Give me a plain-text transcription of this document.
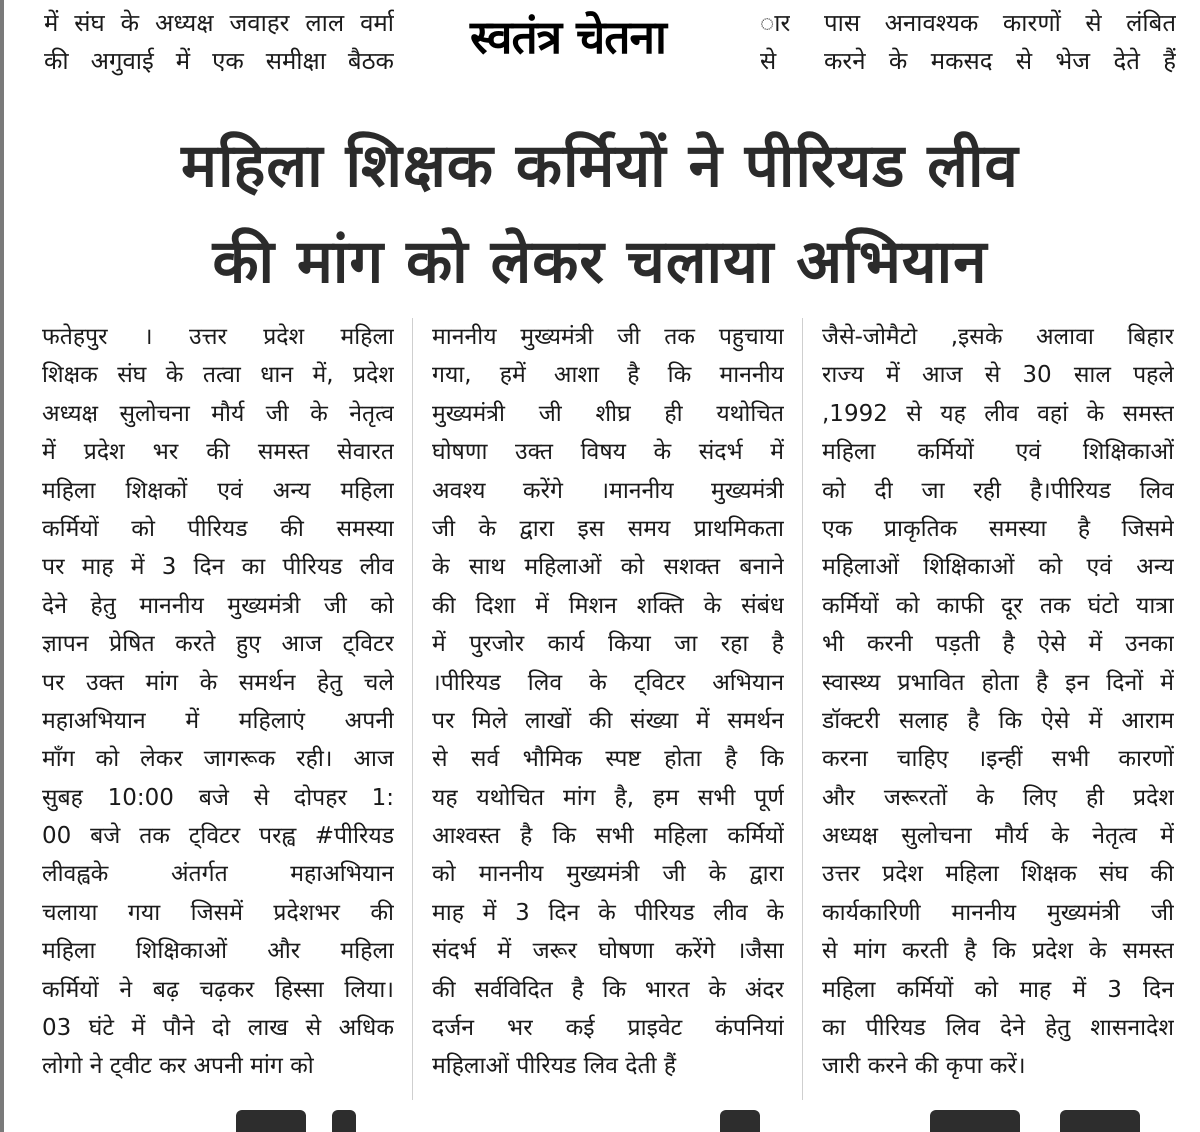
में संघ के अध्यक्ष जवाहर लाल वर्मा
की अगुवाई में एक समीक्षा बैठक स्वतंत्र चेतना	ार
से
पास अनावश्यक कारणों से लंबित
करने के मकसद से भेज देते हैं
महिला शिक्षक कर्मियों ने पीरियड लीव
की मांग को लेकर चलाया अभियान
फतेहपुर । उत्तर प्रदेश महिला
शिक्षक संघ के तत्वा धान में, प्रदेश
अध्यक्ष सुलोचना मौर्य जी के नेतृत्व
में प्रदेश भर की समस्त सेवारत
महिला शिक्षकों एवं अन्य महिला
कर्मियों को पीरियड की समस्या
पर माह में 3 दिन का पीरियड लीव
देने हेतु माननीय मुख्यमंत्री जी को
ज्ञापन प्रेषित करते हुए आज ट्विटर
पर उक्त मांग के समर्थन हेतु चले
महाअभियान में महिलाएं अपनी
माँग को लेकर जागरूक रही। आज
सुबह 10:00 बजे से दोपहर 1:
00 बजे तक ट्विटर परह्व #पीरियड
लीवह्वके अंतर्गत महाअभियान
चलाया गया जिसमें प्रदेशभर की
महिला शिक्षिकाओं और महिला
कर्मियों ने बढ़ चढ़कर हिस्सा लिया।
03 घंटे में पौने दो लाख से अधिक
लोगो ने ट्वीट कर अपनी मांग को
माननीय मुख्यमंत्री जी तक पहुचाया
गया, हमें आशा है कि माननीय
मुख्यमंत्री जी शीघ्र ही यथोचित
घोषणा उक्त विषय के संदर्भ में
अवश्य करेंगे ।माननीय मुख्यमंत्री
जी के द्वारा इस समय प्राथमिकता
के साथ महिलाओं को सशक्त बनाने
की दिशा में मिशन शक्ति के संबंध
में पुरजोर कार्य किया जा रहा है
।पीरियड लिव के ट्विटर अभियान
पर मिले लाखों की संख्या में समर्थन
से सर्व भौमिक स्पष्ट होता है कि
यह यथोचित मांग है, हम सभी पूर्ण
आश्वस्त है कि सभी महिला कर्मियों
को माननीय मुख्यमंत्री जी के द्वारा
माह में 3 दिन के पीरियड लीव के
संदर्भ में जरूर घोषणा करेंगे ।जैसा
की सर्वविदित है कि भारत के अंदर
दर्जन भर कई प्राइवेट कंपनियां
महिलाओं पीरियड लिव देती हैं
जैसे-जोमैटो ,इसके अलावा बिहार
राज्य में आज से 30 साल पहले
,1992 से यह लीव वहां के समस्त
महिला कर्मियों एवं शिक्षिकाओं
को दी जा रही है।पीरियड लिव
एक प्राकृतिक समस्या है जिसमे
महिलाओं शिक्षिकाओं को एवं अन्य
कर्मियों को काफी दूर तक घंटो यात्रा
भी करनी पड़ती है ऐसे में उनका
स्वास्थ्य प्रभावित होता है इन दिनों में
डॉक्टरी सलाह है कि ऐसे में आराम
करना चाहिए ।इन्हीं सभी कारणों
और जरूरतों के लिए ही प्रदेश
अध्यक्ष सुलोचना मौर्य के नेतृत्व में
उत्तर प्रदेश महिला शिक्षक संघ की
कार्यकारिणी माननीय मुख्यमंत्री जी
से मांग करती है कि प्रदेश के समस्त
महिला कर्मियों को माह में 3 दिन
का पीरियड लिव देने हेतु शासनादेश
जारी करने की कृपा करें।
